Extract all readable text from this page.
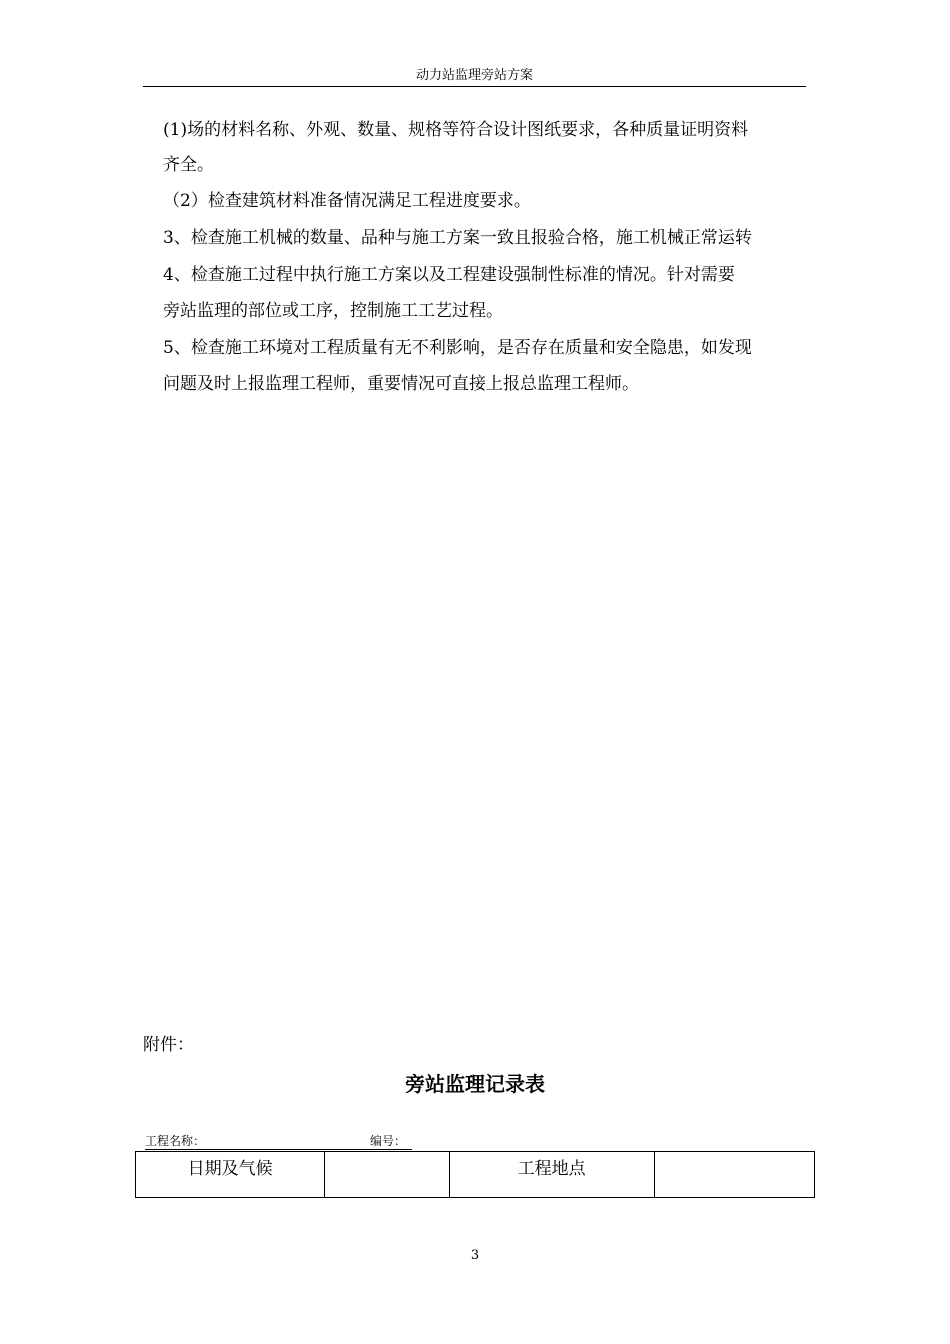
动力站监理旁站方案
(1)场的材料名称、外观、数量、规格等符合设计图纸要求，各种质量证明资料
齐全。
（2）检查建筑材料准备情况满足工程进度要求。
3、检查施工机械的数量、品种与施工方案一致且报验合格，施工机械正常运转
4、检查施工过程中执行施工方案以及工程建设强制性标准的情况。针对需要
旁站监理的部位或工序，控制施工工艺过程。
5、检查施工环境对工程质量有无不利影响，是否存在质量和安全隐患，如发现
问题及时上报监理工程师，重要情况可直接上报总监理工程师。
附件：
旁站监理记录表
工程名称：	编号：
日期及气候		工程地点	
3
